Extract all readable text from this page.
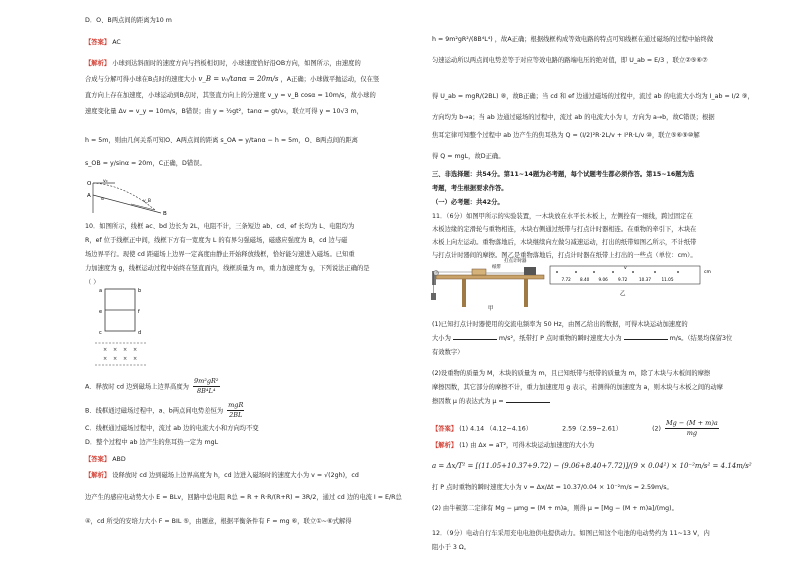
D．O、B两点间的距离为10 m
【答案】 AC
【解析】 小球到达斜面时的速度方向与挡板相切时，小球速度恰好沿OB方向，如图所示，由速度的
合成与分解可得小球在B点时的速度大小 v_B = v₀/tanα = 20m/s ，A正确；小球做平抛运动，仅在竖
直方向上存在加速度，小球运动到B点时，其竖直方向上的分速度 v_y = v_B cosα = 10m/s，故小球的
速度变化量 Δv = v_y = 10m/s，B错误；由 y = ½gt²，tanα = gt/v₀，联立可得 y = 10√3 m，
h = 5m，则由几何关系可知O、A两点间的距离 s_OA = y/tanα − h = 5m，O、B两点间的距离
s_OB = y/sinα = 20m，C正确，D错误。
O
A
B
v₀
v_B
α
10．如图所示，线框 ac、bd 边长为 2L，电阻不计，三条短边 ab、cd、ef 长均为 L、电阻均为
R，ef 位于线框正中间，线框下方有一宽度为 L 的有界匀强磁场，磁感应强度为 B，cd 边与磁
场边界平行。现使 cd 距磁场上边界一定高度由静止开始释放线框，恰好能匀速进入磁场。已知重
力加速度为 g，线框运动过程中始终在竖直面内，线框质量为 m，重力加速度为 g，下列说法正确的是
（ ）
a	b
e	f
c	d
× × × ×
× × × ×
A．释放时 cd 边到磁场上边界高度为 $\frac{\text{9m²gR²}}{\text{8B⁴L⁴}}$
B．线框通过磁场过程中，a、b两点间电势差恒为 $\frac{\text{mgR}}{2BL}$
C．线框通过磁场过程中，流过 ab 边的电流大小和方向均不变
D．整个过程中 ab 边产生的焦耳热一定为 mgL
【答案】 ABD
【解析】 设释放时 cd 边到磁场上边界高度为 h，cd 边进入磁场时的速度大小为 v = √(2gh)，cd
边产生的感应电动势大小 E = BLv，回路中总电阻 R总 = R + R·R/(R+R) = 3R/2，通过 cd 边的电流 I = E/R总
④，cd 所受的安培力大小 F = BIL ⑤，由题意，根据平衡条件有 F = mg ⑥，联立①~⑥式解得
h = 9m²gR²/(8B⁴L⁴) ，故A正确；根据线框构成等效电路的特点可知线框在通过磁场的过程中始终做
匀速运动所以两点间电势差等于对应等效电路的路端电压的绝对值，即 U_ab = E/3 ，联立②⑤⑥⑦
得 U_ab = mgR/(2BL) ⑧，故B正确；当 cd 和 ef 边通过磁场的过程中，流过 ab 的电流大小均为 I_ab = I/2 ⑨，
方向均为 b→a；当 ab 边通过磁场的过程中，流过 ab 的电流大小为 I，方向为 a→b，故C错误；根据
焦耳定律可知整个过程中 ab 边产生的焦耳热为 Q = (I/2)²R·2L/v + I²R·L/v ⑩，联立⑤⑥⑨⑩解
得 Q = mgL，故D正确。
三、非选择题：共54分。第11~14题为必考题，每个试题考生都必须作答。第15~16题为选
考题，考生根据要求作答。
（一）必考题：共42分。
11．（6分）如图甲所示的实验装置，一木块放在水平长木板上，左侧拴有一细线，跨过固定在
木板边缘的定滑轮与重物相连，木块右侧通过纸带与打点计时器相连。在重物的牵引下，木块在
木板上向左运动。重物落地后，木块继续向左做匀减速运动，打出的纸带如图乙所示，不计纸带
与打点计时器间的摩擦。图乙是重物落地后，打点计时器在纸带上打出的一些点（单位：cm）。
纸带
打点计时器
甲
v
cm
7.72 8.40 9.06 9.72	10.37	11.05
乙
(1)已知打点计时器使用的交流电频率为 50 Hz，由图乙给出的数据，可得木块运动加速度的
大小为	m/s²，纸带打 P 点时重物的瞬时速度大小为	m/s。（结果均保留3位
有效数字）
(2)设重物的质量为 M，木块的质量为 m，且已知纸带与纸带的质量为 m，除了木块与木板间的摩擦
摩擦因数，其它部分的摩擦不计，重力加速度用 g 表示，若测得的加速度为 a，则木块与木板之间的动摩
擦因数 μ 的表达式为 μ =
【答案】 (1) 4.14 （4.12~4.16）	2.59（2.59~2.61）	$(2) \frac{Mg - (M + m)a}{mg}$
【解析】 (1) 由 Δx = aT²，可得木块运动加速度的大小为
a = Δx/T² = [(11.05+10.37+9.72) − (9.06+8.40+7.72)]/(9 × 0.04²) × 10⁻²m/s² = 4.14m/s²
打 P 点时重物的瞬时速度大小为 v = Δx/Δt = 10.37/0.04 × 10⁻²m/s = 2.59m/s。
(2) 由牛顿第二定律有 Mg − μmg = (M + m)a，则得 μ = [Mg − (M + m)a]/(mg)。
12．（9分）电动自行车采用充电电池供电提供动力。如图已知这个电池的电动势约为 11~13 V，内
阻小于 3 Ω。
